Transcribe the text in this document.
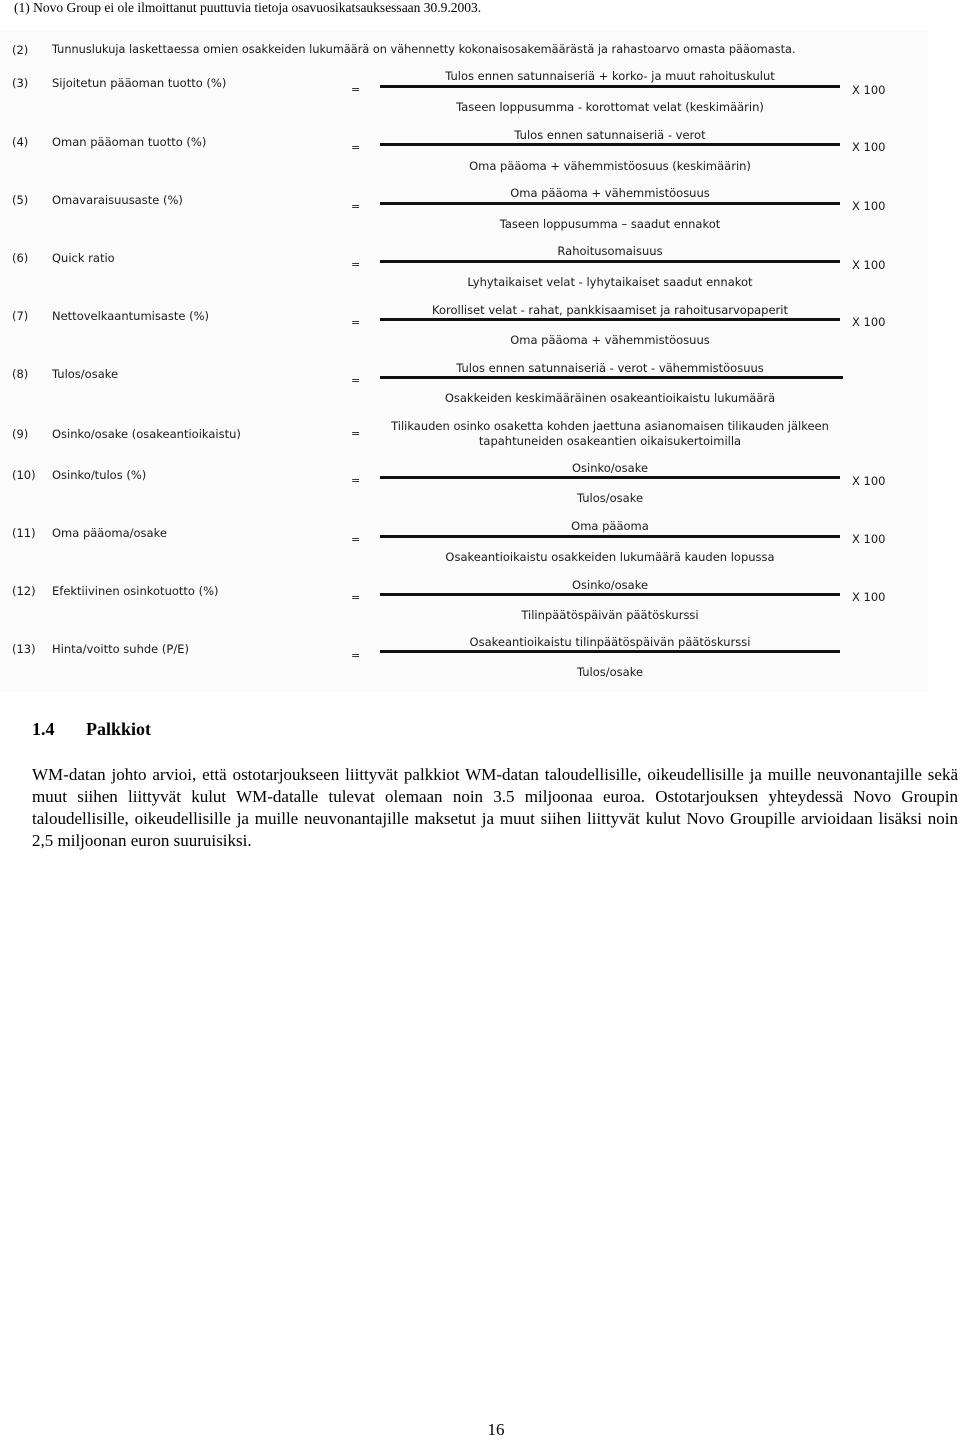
(1) Novo Group ei ole ilmoittanut puuttuvia tietoja osavuosikatsauksessaan 30.9.2003.
(2) Tunnuslukuja laskettaessa omien osakkeiden lukumäärä on vähennetty kokonaisosakemäärästä ja rahastoarvo omasta pääomasta.
(3) Sijoitetun pääoman tuotto (%)	=
Tulos ennen satunnaiseriä + korko- ja muut rahoituskulut
Taseen loppusumma - korottomat velat (keskimäärin)
X 100
(4) Oman pääoman tuotto (%)	=
Tulos ennen satunnaiseriä - verot
Oma pääoma + vähemmistöosuus (keskimäärin)
X 100
(5) Omavaraisuusaste (%)	=
Oma pääoma + vähemmistöosuus
Taseen loppusumma – saadut ennakot
X 100
(6) Quick ratio	=
Rahoitusomaisuus
Lyhytaikaiset velat - lyhytaikaiset saadut ennakot
X 100
(7) Nettovelkaantumisaste (%)	=
Korolliset velat - rahat, pankkisaamiset ja rahoitusarvopaperit
Oma pääoma + vähemmistöosuus
X 100
(8) Tulos/osake	=
Tulos ennen satunnaiseriä - verot - vähemmistöosuus
Osakkeiden keskimääräinen osakeantioikaistu lukumäärä
(9) Osinko/osake (osakeantioikaistu)	=
Tilikauden osinko osaketta kohden jaettuna asianomaisen tilikauden jälkeen
tapahtuneiden osakeantien oikaisukertoimilla
(10) Osinko/tulos (%)	=
Osinko/osake
Tulos/osake
X 100
(11) Oma pääoma/osake	=
Oma pääoma
Osakeantioikaistu osakkeiden lukumäärä kauden lopussa
X 100
(12) Efektiivinen osinkotuotto (%)	=
Osinko/osake
Tilinpäätöspäivän päätöskurssi
X 100
(13) Hinta/voitto suhde (P/E)	=
Osakeantioikaistu tilinpäätöspäivän päätöskurssi
Tulos/osake
1.4 Palkkiot
WM-datan johto arvioi, että ostotarjoukseen liittyvät palkkiot WM-datan taloudellisille, oikeudellisille ja muille neuvonantajille sekä muut siihen liittyvät kulut WM-datalle tulevat olemaan noin 3.5 miljoonaa euroa. Ostotarjouksen yhteydessä Novo Groupin taloudellisille, oikeudellisille ja muille neuvonantajille maksetut ja muut siihen liittyvät kulut Novo Groupille arvioidaan lisäksi noin 2,5 miljoonan euron suuruisiksi.
16
